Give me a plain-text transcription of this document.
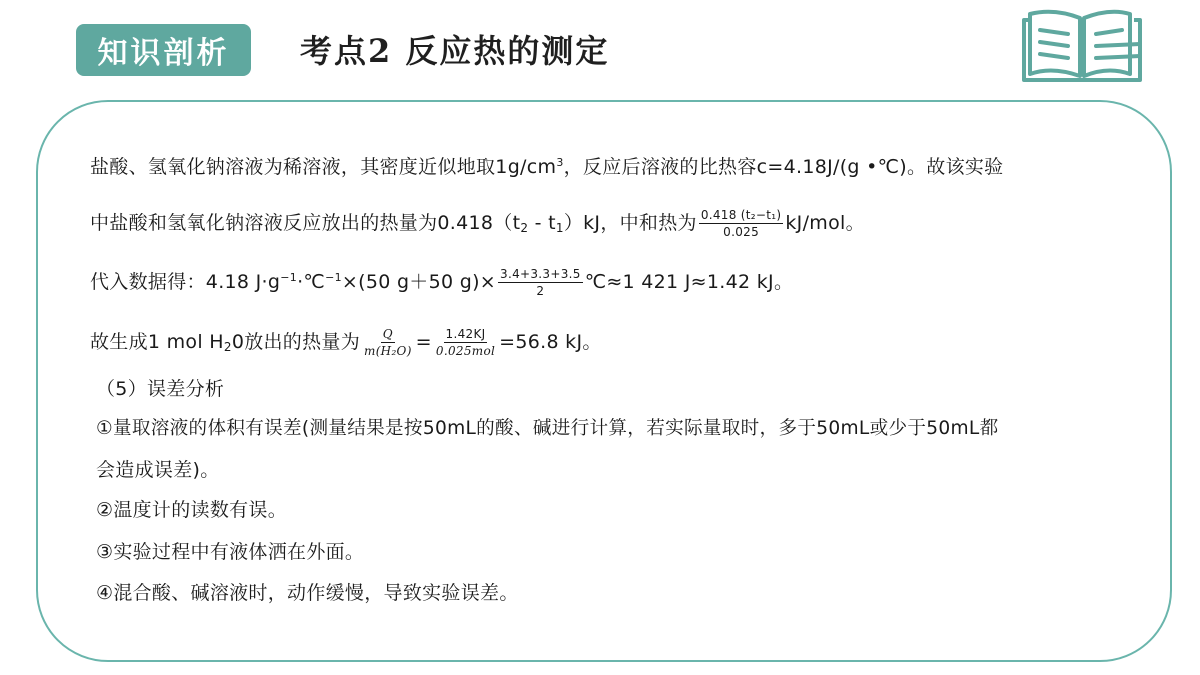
知识剖析	考点2 反应热的测定
盐酸、氢氧化钠溶液为稀溶液，其密度近似地取$1g/cm^3$，反应后溶液的比热容c=4.18J/(g •℃)。故该实验
中盐酸和氢氧化钠溶液反应放出的热量为$0.418(t_2 - t_1)kJ$，中和热为 $\frac{\text{0.418 (t₂−t₁)}}{0.025} kJ/mol$。
代入数据得：4.18 $J\cdot g^{-1}\cdot℃^{-1}\times(50$ g＋50 $g)\times \frac{3.4+3.3+3.5}{2}$ ℃≈1 421 J≈1.42 kJ。
故生成1 mol $H_20$放出的热量为 $\frac{Q}{\text{m(H₂O)}} = \frac{1.42KJ}{\text{0.025mol}} =56.8$ kJ。
（5）误差分析
①量取溶液的体积有误差(测量结果是按50mL的酸、碱进行计算，若实际量取时，多于50mL或少于50mL都
会造成误差)。
②温度计的读数有误。
③实验过程中有液体洒在外面。
④混合酸、碱溶液时，动作缓慢，导致实验误差。
